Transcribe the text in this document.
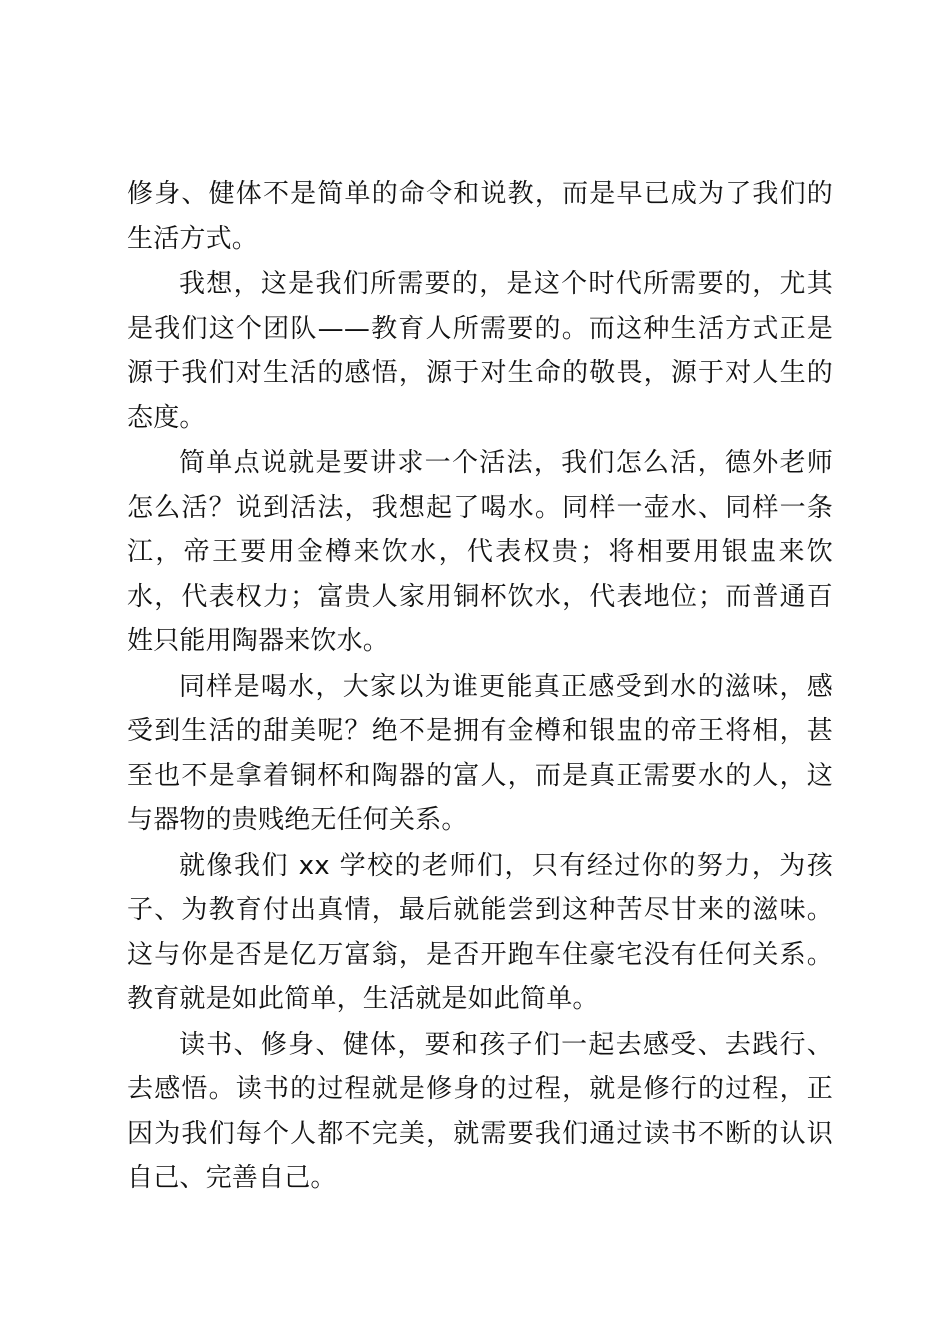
修身、健体不是简单的命令和说教，而是早已成为了我们的生活方式。

我想，这是我们所需要的，是这个时代所需要的，尤其是我们这个团队——教育人所需要的。而这种生活方式正是源于我们对生活的感悟，源于对生命的敬畏，源于对人生的态度。

简单点说就是要讲求一个活法，我们怎么活，德外老师怎么活？说到活法，我想起了喝水。同样一壶水、同样一条江，帝王要用金樽来饮水，代表权贵；将相要用银盅来饮水，代表权力；富贵人家用铜杯饮水，代表地位；而普通百姓只能用陶器来饮水。

同样是喝水，大家以为谁更能真正感受到水的滋味，感受到生活的甜美呢？绝不是拥有金樽和银盅的帝王将相，甚至也不是拿着铜杯和陶器的富人，而是真正需要水的人，这与器物的贵贱绝无任何关系。

就像我们 xx 学校的老师们，只有经过你的努力，为孩子、为教育付出真情，最后就能尝到这种苦尽甘来的滋味。这与你是否是亿万富翁，是否开跑车住豪宅没有任何关系。教育就是如此简单，生活就是如此简单。

读书、修身、健体，要和孩子们一起去感受、去践行、去感悟。读书的过程就是修身的过程，就是修行的过程，正因为我们每个人都不完美，就需要我们通过读书不断的认识自己、完善自己。
